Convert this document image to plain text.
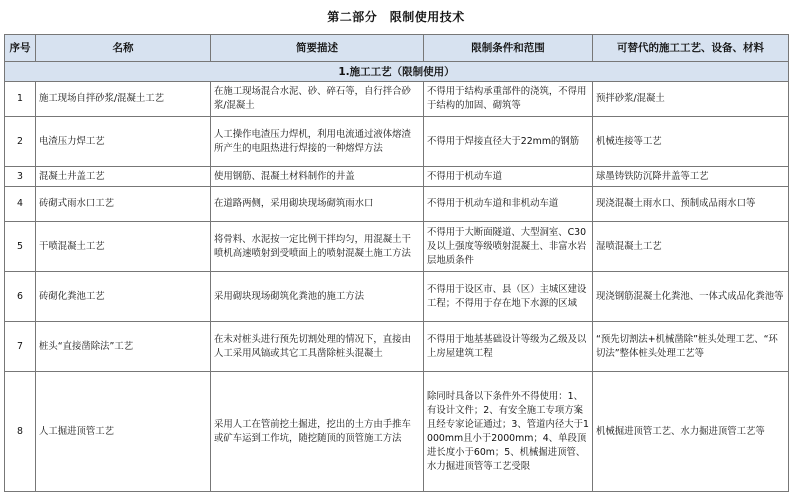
第二部分　限制使用技术
序号	名称	简要描述	限制条件和范围	可替代的施工工艺、设备、材料
1.施工工艺（限制使用）				
1	施工现场自拌砂浆/混凝土工艺	在施工现场混合水泥、砂、碎石等，自行拌合砂浆/混凝土	不得用于结构承重部件的浇筑，不得用于结构的加固、砌筑等	预拌砂浆/混凝土
2	电渣压力焊工艺	人工操作电渣压力焊机，利用电流通过液体熔渣所产生的电阻热进行焊接的一种熔焊方法	不得用于焊接直径大于22mm的钢筋	机械连接等工艺
3	混凝土井盖工艺	使用钢筋、混凝土材料制作的井盖	不得用于机动车道	球墨铸铁防沉降井盖等工艺
4	砖砌式雨水口工艺	在道路两侧，采用砌块现场砌筑雨水口	不得用于机动车道和非机动车道	现浇混凝土雨水口、预制成品雨水口等
5	干喷混凝土工艺	将骨料、水泥按一定比例干拌均匀，用混凝土干喷机高速喷射到受喷面上的喷射混凝土施工方法	不得用于大断面隧道、大型洞室、C30及以上强度等级喷射混凝土、非富水岩层地质条件	湿喷混凝土工艺
6	砖砌化粪池工艺	采用砌块现场砌筑化粪池的施工方法	不得用于设区市、县（区）主城区建设工程；不得用于存在地下水源的区域	现浇钢筋混凝土化粪池、一体式成品化粪池等
7	桩头“直接凿除法”工艺	在未对桩头进行预先切割处理的情况下，直接由人工采用风镐或其它工具凿除桩头混凝土	不得用于地基基础设计等级为乙级及以上房屋建筑工程	“预先切割法+机械凿除”桩头处理工艺、“环切法”整体桩头处理工艺等
8	人工掘进顶管工艺	采用人工在管前挖土掘进，挖出的土方由手推车或矿车运到工作坑，随挖随顶的顶管施工方法	除同时具备以下条件外不得使用：1、有设计文件；2、有安全施工专项方案且经专家论证通过；3、管道内径大于1000mm且小于2000mm；4、单段顶进长度小于60m；5、机械掘进顶管、水力掘进顶管等工艺受限	机械掘进顶管工艺、水力掘进顶管工艺等
